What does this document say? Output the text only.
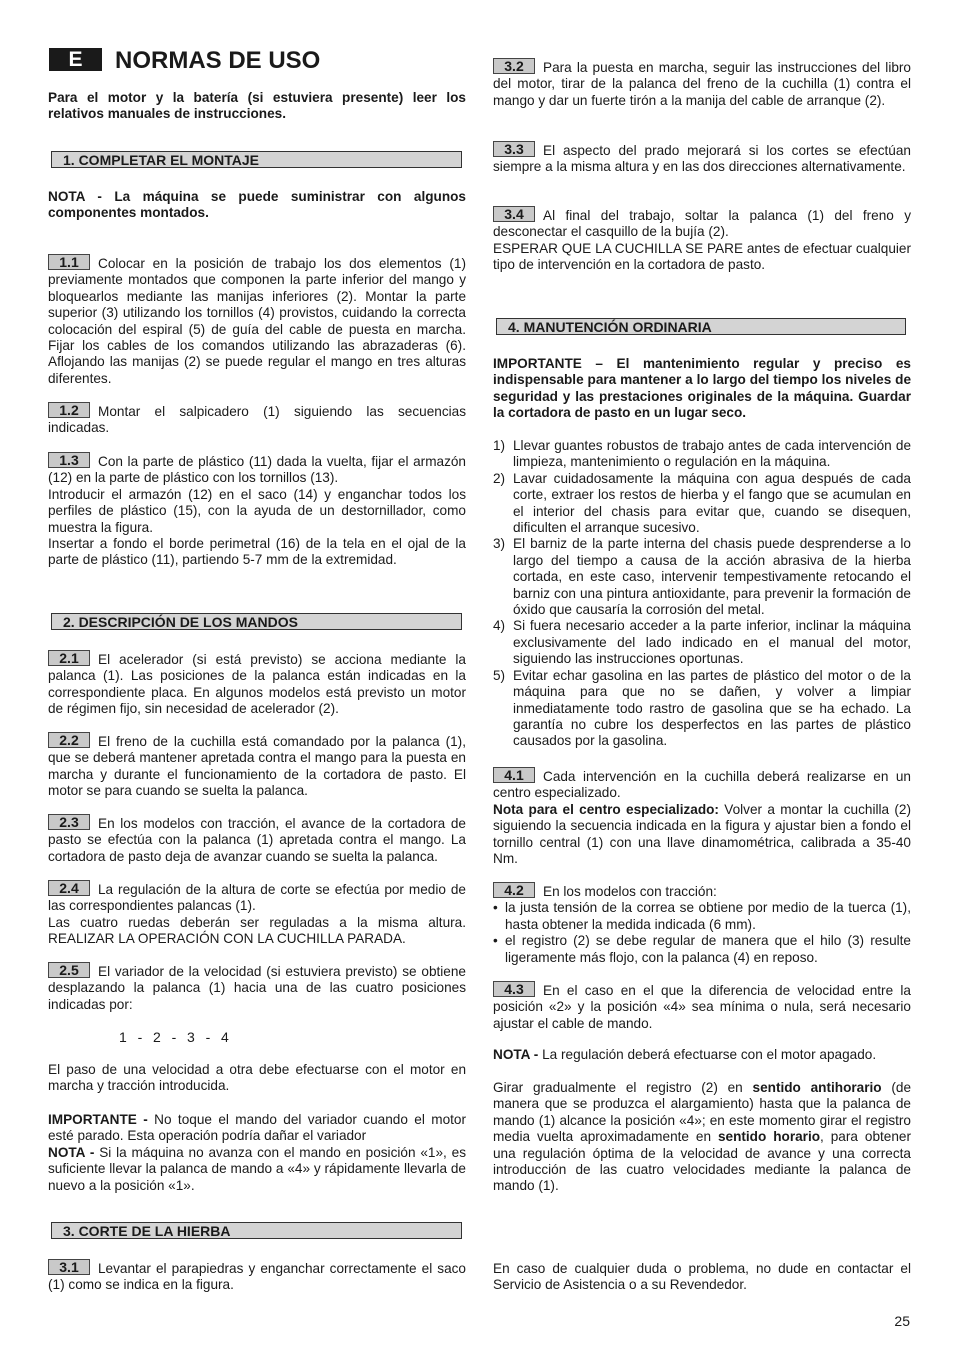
E	NORMAS DE USO

Para el motor y la batería (si estuviera presente) leer los relativos manuales de instrucciones.

1. COMPLETAR EL MONTAJE

NOTA - La máquina se puede suministrar con algunos componentes montados.

1.1 Colocar en la posición de trabajo los dos elementos (1) previamente montados que componen la parte inferior del mango y bloquearlos mediante las manijas inferiores (2). Montar la parte superior (3) utilizando los tornillos (4) provistos, cuidando la correcta colocación del espiral (5) de guía del cable de puesta en marcha. Fijar los cables de los comandos utilizando las abrazaderas (6). Aflojando las manijas (2) se puede regular el mango en tres alturas diferentes.

1.2 Montar el salpicadero (1) siguiendo las secuencias indicadas.

1.3 Con la parte de plástico (11) dada la vuelta, fijar el armazón (12) en la parte de plástico con los tornillos (13).

Introducir el armazón (12) en el saco (14) y enganchar todos los perfiles de plástico (15), con la ayuda de un destornillador, como muestra la figura.

Insertar a fondo el borde perimetral (16) de la tela en el ojal de la parte de plástico (11), partiendo 5-7 mm de la extremidad.

2. DESCRIPCIÓN DE LOS MANDOS

2.1 El acelerador (si está previsto) se acciona mediante la palanca (1). Las posiciones de la palanca están indicadas en la correspondiente placa. En algunos modelos está previsto un motor de régimen fijo, sin necesidad de acelerador (2).

2.2 El freno de la cuchilla está comandado por la palanca (1), que se deberá mantener apretada contra el mango para la puesta en marcha y durante el funcionamiento de la cortadora de pasto. El motor se para cuando se suelta la palanca.

2.3 En los modelos con tracción, el avance de la cortadora de pasto se efectúa con la palanca (1) apretada contra el mango. La cortadora de pasto deja de avanzar cuando se suelta la palanca.

2.4 La regulación de la altura de corte se efectúa por medio de las correspondientes palancas (1).

Las cuatro ruedas deberán ser reguladas a la misma altura. REALIZAR LA OPERACIÓN CON LA CUCHILLA PARADA.

2.5 El variador de la velocidad (si estuviera previsto) se obtiene desplazando la palanca (1) hacia una de las cuatro posiciones indicadas por:

1  -  2  -  3  -  4

El paso de una velocidad a otra debe efectuarse con el motor en marcha y tracción introducida.

IMPORTANTE - No toque el mando del variador cuando el motor esté parado. Esta operación podría dañar el variador

NOTA - Si la máquina no avanza con el mando en posición «1», es suficiente llevar la palanca de mando a «4» y rápidamente llevarla de nuevo a la posición «1».

3. CORTE DE LA HIERBA

3.1 Levantar el parapiedras y enganchar correctamente el saco (1) como se indica en la figura.

3.2 Para la puesta en marcha, seguir las instrucciones del libro del motor, tirar de la palanca del freno de la cuchilla (1) contra el mango y dar un fuerte tirón a la manija del cable de arranque (2).

3.3 El aspecto del prado mejorará si los cortes se efectúan siempre a la misma altura y en las dos direcciones alternativamente.

3.4 Al final del trabajo, soltar la palanca (1) del freno y desconectar el casquillo de la bujía (2).

ESPERAR QUE LA CUCHILLA SE PARE antes de efectuar cualquier tipo de intervención en la cortadora de pasto.

4. MANUTENCIÓN ORDINARIA

IMPORTANTE – El mantenimiento regular y preciso es indispensable para mantener a lo largo del tiempo los niveles de seguridad y las prestaciones originales de la máquina. Guardar la cortadora de pasto en un lugar seco.

1) Llevar guantes robustos de trabajo antes de cada intervención de limpieza, mantenimiento o regulación en la máquina.
2) Lavar cuidadosamente la máquina con agua después de cada corte, extraer los restos de hierba y el fango que se acumulan en el interior del chasis para evitar que, cuando se disequen, dificulten el arranque sucesivo.
3) El barniz de la parte interna del chasis puede desprenderse a lo largo del tiempo a causa de la acción abrasiva de la hierba cortada, en este caso, intervenir tempestivamente retocando el barniz con una pintura antioxidante, para prevenir la formación de óxido que causaría la corrosión del metal.
4) Si fuera necesario acceder a la parte inferior, inclinar la máquina exclusivamente del lado indicado en el manual del motor, siguiendo las instrucciones oportunas.
5) Evitar echar gasolina en las partes de plástico del motor o de la máquina para que no se dañen, y volver a limpiar inmediatamente todo rastro de gasolina que se ha echado. La garantía no cubre los desperfectos en las partes de plástico causados por la gasolina.

4.1 Cada intervención en la cuchilla deberá realizarse en un centro especializado.

Nota para el centro especializado: Volver a montar la cuchilla (2) siguiendo la secuencia indicada en la figura y ajustar bien a fondo el tornillo central (1) con una llave dinamométrica, calibrada a 35-40 Nm.

4.2 En los modelos con tracción:

• la justa tensión de la correa se obtiene por medio de la tuerca (1), hasta obtener la medida indicada (6 mm).
• el registro (2) se debe regular de manera que el hilo (3) resulte ligeramente más flojo, con la palanca (4) en reposo.

4.3 En el caso en el que la diferencia de velocidad entre la posición «2» y la posición «4» sea mínima o nula, será necesario ajustar el cable de mando.

NOTA - La regulación deberá efectuarse con el motor apagado.

Girar gradualmente el registro (2) en sentido antihorario (de manera que se produzca el alargamiento) hasta que la palanca de mando (1) alcance la posición «4»; en este momento girar el registro media vuelta aproximadamente en sentido horario, para obtener una regulación óptima de la velocidad de avance y una correcta introducción de las cuatro velocidades mediante la palanca de mando (1).

En caso de cualquier duda o problema, no dude en contactar el Servicio de Asistencia o a su Revendedor.

25
